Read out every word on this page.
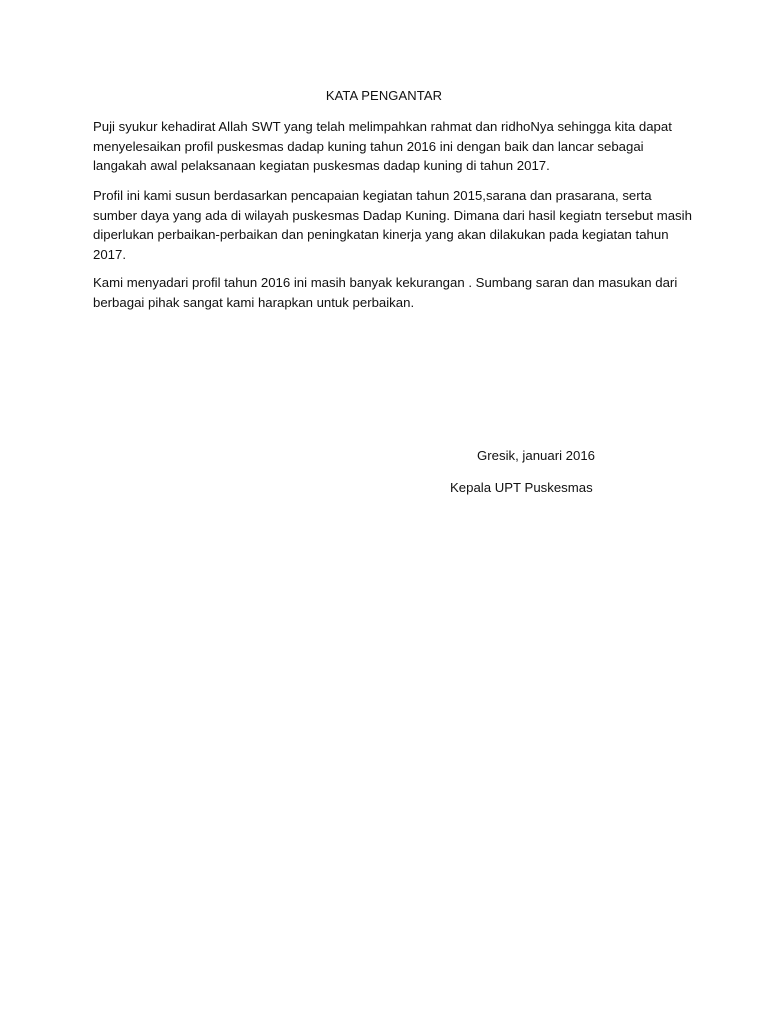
KATA PENGANTAR
Puji syukur kehadirat Allah SWT yang telah melimpahkan rahmat dan ridhoNya sehingga kita dapat
menyelesaikan profil puskesmas dadap kuning tahun 2016 ini dengan baik dan lancar sebagai
langakah awal pelaksanaan kegiatan puskesmas dadap kuning di tahun 2017.
Profil ini kami susun berdasarkan pencapaian kegiatan tahun 2015,sarana dan prasarana, serta
sumber daya yang ada di wilayah puskesmas Dadap Kuning. Dimana dari hasil kegiatn tersebut masih
diperlukan perbaikan-perbaikan dan peningkatan kinerja yang akan dilakukan pada kegiatan tahun
2017.
Kami menyadari profil tahun 2016 ini masih banyak kekurangan . Sumbang saran dan masukan dari
berbagai pihak sangat kami harapkan untuk perbaikan.
Gresik, januari 2016
Kepala UPT Puskesmas
